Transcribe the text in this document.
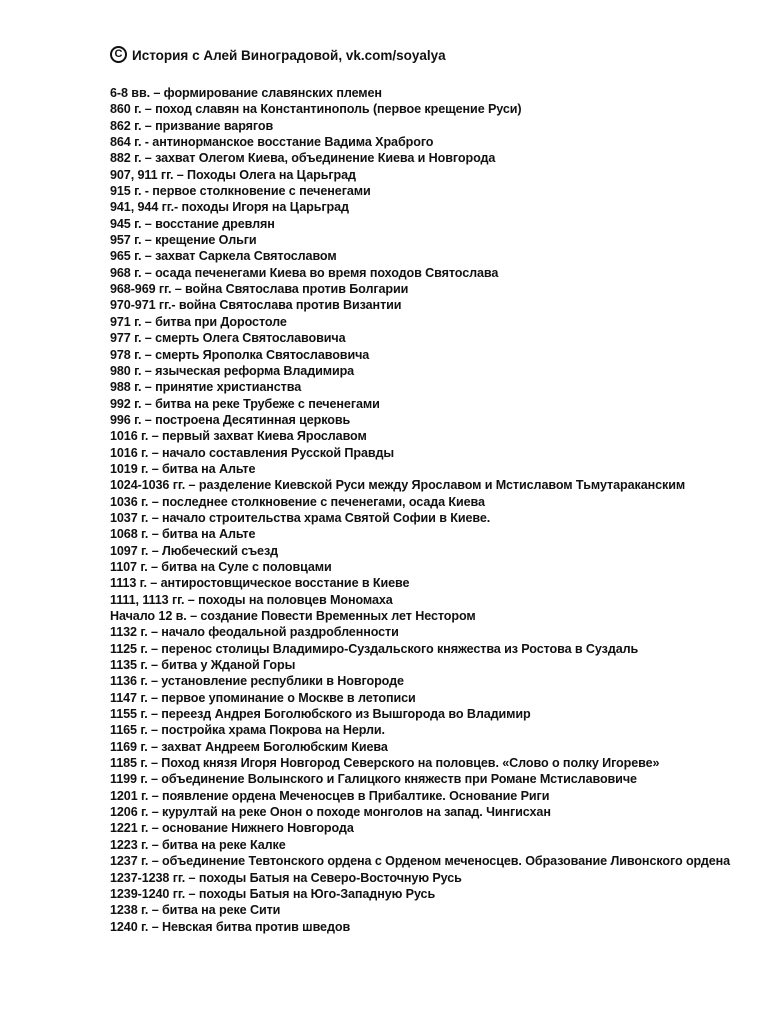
C История с Алей Виноградовой, vk.com/soyalya
6-8 вв. – формирование славянских племен
860 г. – поход славян на Константинополь (первое крещение Руси)
862 г. – призвание варягов
864 г. - антинорманское восстание Вадима Храброго
882 г. – захват Олегом Киева, объединение Киева и Новгорода
907, 911 гг. – Походы Олега на Царьград
915 г. - первое столкновение с печенегами
941, 944 гг.- походы Игоря на Царьград
945 г. – восстание древлян
957 г. – крещение Ольги
965 г. – захват Саркела Святославом
968 г. – осада печенегами Киева во время походов Святослава
968-969 гг. – война Святослава против Болгарии
970-971 гг.- война Святослава против Византии
971 г. – битва при Доростоле
977 г. – смерть Олега Святославовича
978 г. – смерть Ярополка Святославовича
980 г. – языческая реформа Владимира
988 г. – принятие христианства
992 г. – битва на реке Трубеже с печенегами
996 г. – построена Десятинная церковь
1016 г. – первый захват Киева Ярославом
1016 г. – начало составления Русской Правды
1019 г. – битва на Альте
1024-1036 гг. – разделение Киевской Руси между Ярославом и Мстиславом Тьмутараканским
1036 г. – последнее столкновение с печенегами, осада Киева
1037 г. – начало строительства храма Святой Софии в Киеве.
1068 г. – битва на Альте
1097 г. – Любеческий съезд
1107 г. – битва на Суле с половцами
1113 г. – антиростовщическое восстание в Киеве
1111, 1113 гг. – походы на половцев Мономаха
Начало 12 в. – создание Повести Временных лет Нестором
1132 г. – начало феодальной раздробленности
1125 г. – перенос столицы Владимиро-Суздальского княжества из Ростова в Суздаль
1135 г. – битва у Жданой Горы
1136 г. – установление республики в Новгороде
1147 г. – первое упоминание о Москве в летописи
1155 г. – переезд Андрея Боголюбского из Вышгорода во Владимир
1165 г. – постройка храма Покрова на Нерли.
1169 г. – захват Андреем Боголюбским Киева
1185 г. – Поход князя Игоря Новгород Северского на половцев. «Слово о полку Игореве»
1199 г. – объединение Волынского и Галицкого княжеств при Романе Мстиславовиче
1201 г. – появление ордена Меченосцев в Прибалтике. Основание Риги
1206 г. – курултай на реке Онон о походе монголов на запад. Чингисхан
1221 г. – основание Нижнего Новгорода
1223 г. – битва на реке Калке
1237 г. – объединение Тевтонского ордена с Орденом меченосцев. Образование Ливонского ордена
1237-1238 гг. – походы Батыя на Северо-Восточную Русь
1239-1240 гг. – походы Батыя на Юго-Западную Русь
1238 г. – битва на реке Сити
1240 г. – Невская битва против шведов
